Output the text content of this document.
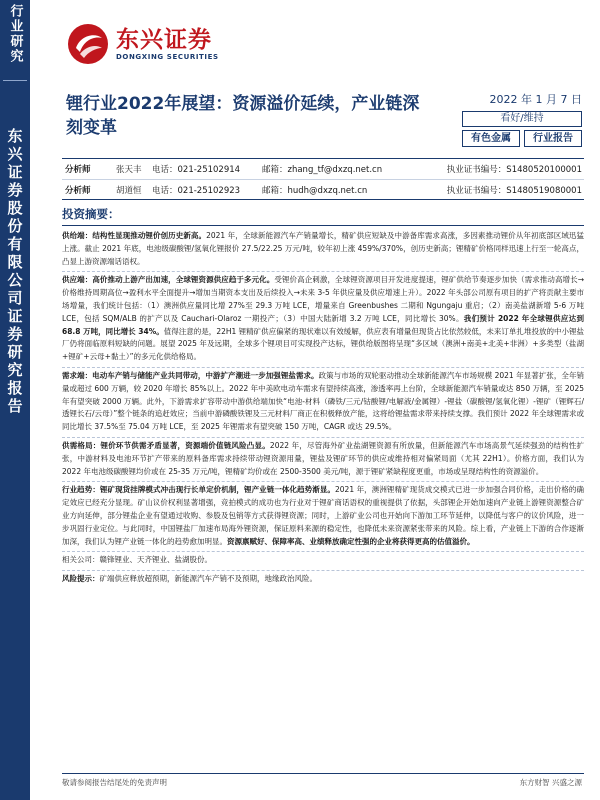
行业研究
东兴证券股份有限公司证券研究报告
东兴证券
DONGXING SECURITIES
锂行业2022年展望：资源溢价延续，产业链深刻变革
2022 年 1 月 7 日
看好/维持
有色金属	行业报告
分析师	张天丰	电话：021-25102914	邮箱：zhang_tf@dxzq.net.cn	执业证书编号：S1480520100001
分析师	胡道恒	电话：021-25102923	邮箱：hudh@dxzq.net.cn	执业证书编号：S1480519080001
投资摘要：

供给端：结构性显现推动锂价创历史新高。2021 年，全球新能源汽车产销量增长，精矿供应短缺及中游备库需求高涨，多因素推动锂价从年初底部区域迅猛上涨。截止 2021 年底，电池级碳酸锂/氢氧化锂报价 27.5/22.25 万元/吨，较年初上涨 459%/370%，创历史新高；锂精矿价格同样迅速上行至一轮高点，凸显上游资源端话语权。

供应端：高价推动上游产出加速，全球锂资源供应趋于多元化。受锂价高企刺激，全球锂资源项目开发进度提速，锂矿供给节奏逐步加快（需求推动高增长→价格维持周期高位→盈利水平全面提升→增加当期资本支出及后续投入→未来 3-5 年供应量及供应增速上升）。2022 年头部公司原有项目的扩产将贡献主要市场增量，我们统计包括：（1）澳洲供应量同比增 27%至 29.3 万吨 LCE，增量来自 Greenbushes 二期和 Ngungaju 重启；（2）南美盐湖新增 5-6 万吨 LCE，包括 SQM/ALB 的扩产以及 Cauchari-Olaroz 一期投产；（3）中国大陆新增 3.2 万吨 LCE，同比增长 30%。我们预计 2022 年全球锂供应达到 68.8 万吨，同比增长 34%。值得注意的是，22H1 锂精矿供应偏紧的现状难以有效缓解，供应表有增量但现货占比依然较低，未来订单扎堆投放的中小锂盐厂仍将面临原料短缺的问题。展望 2025 年及远期，全球多个锂项目可实现投产达标，锂供给版图将呈现“多区域（澳洲+南美+北美+非洲）+多类型（盐湖+锂矿+云母+黏土）”的多元化供给格局。

需求端：电动车产销与储能产业共同带动，中游扩产潮进一步加强锂盐需求。政策与市场的双轮驱动推动全球新能源汽车市场规模 2021 年显著扩张，全年销量或超过 600 万辆，较 2020 年增长 85%以上。2022 年中美欧电动车需求有望持续高涨，渗透率再上台阶，全球新能源汽车销量或达 850 万辆，至 2025 年有望突破 2000 万辆。此外，下游需求扩容带动中游供给端加快“电池-材料（磷铁/三元/钴酸锂/电解液/金属锂）-锂盐（碳酸锂/氢氧化锂）-锂矿（锂辉石/透锂长石/云母）”整个链条的追赶效应；当前中游磷酸铁锂及三元材料厂商正在积极释放产能，这将给锂盐需求带来持续支撑。我们预计 2022 年全球锂需求或同比增长 37.5%至 75.04 万吨 LCE，至 2025 年锂需求有望突破 150 万吨，CAGR 或达 29.5%。

供需格局：锂价环节供需矛盾显著，资源端价值链风险凸显。2022 年，尽管海外矿业盐湖锂资源有所放量，但新能源汽车市场高景气延续强劲的结构性扩张，中游材料及电池环节扩产带来的原料备库需求持续带动锂资源用量，锂盐及锂矿环节的供应或维持相对偏紧局面（尤其 22H1）。价格方面，我们认为 2022 年电池级碳酸锂均价或在 25-35 万元/吨，锂精矿均价或在 2500-3500 美元/吨，源于锂矿紧缺程度更重，市场或呈现结构性的资源溢价。

行业趋势：锂矿现货挂牌模式冲击现行长单定价机制，锂产业链一体化趋势渐显。2021 年，澳洲锂精矿现货成交模式已进一步加强合同价格，走出价格的确定效应已经充分显现。矿山议价权利显著增强，竞拍模式的成功也为行业对于锂矿商话语权的重视提供了依据，头部锂企开始加速向产业链上游锂资源整合矿业方向延伸，部分锂盐企业有望通过收购、参股及包销等方式获得锂资源；同时，上游矿业公司也开始向下游加工环节延伸，以降低与客户的议价风险，进一步巩固行业定位。与此同时，中国锂盐厂加速布局海外锂资源，保证原料来源的稳定性，也降低未来资源紧张带来的风险。综上看，产业链上下游的合作逐渐加深，我们认为锂产业链一体化的趋势愈加明显。资源禀赋好、保障率高、业绩释放确定性强的企业将获得更高的估值溢价。

相关公司：赣锋锂业、天齐锂业、盐湖股份。

风险提示：矿端供应释放超预期，新能源汽车产销不及预期，地缘政治风险。

敬请参阅报告结尾处的免责声明	东方财智 兴盛之源
